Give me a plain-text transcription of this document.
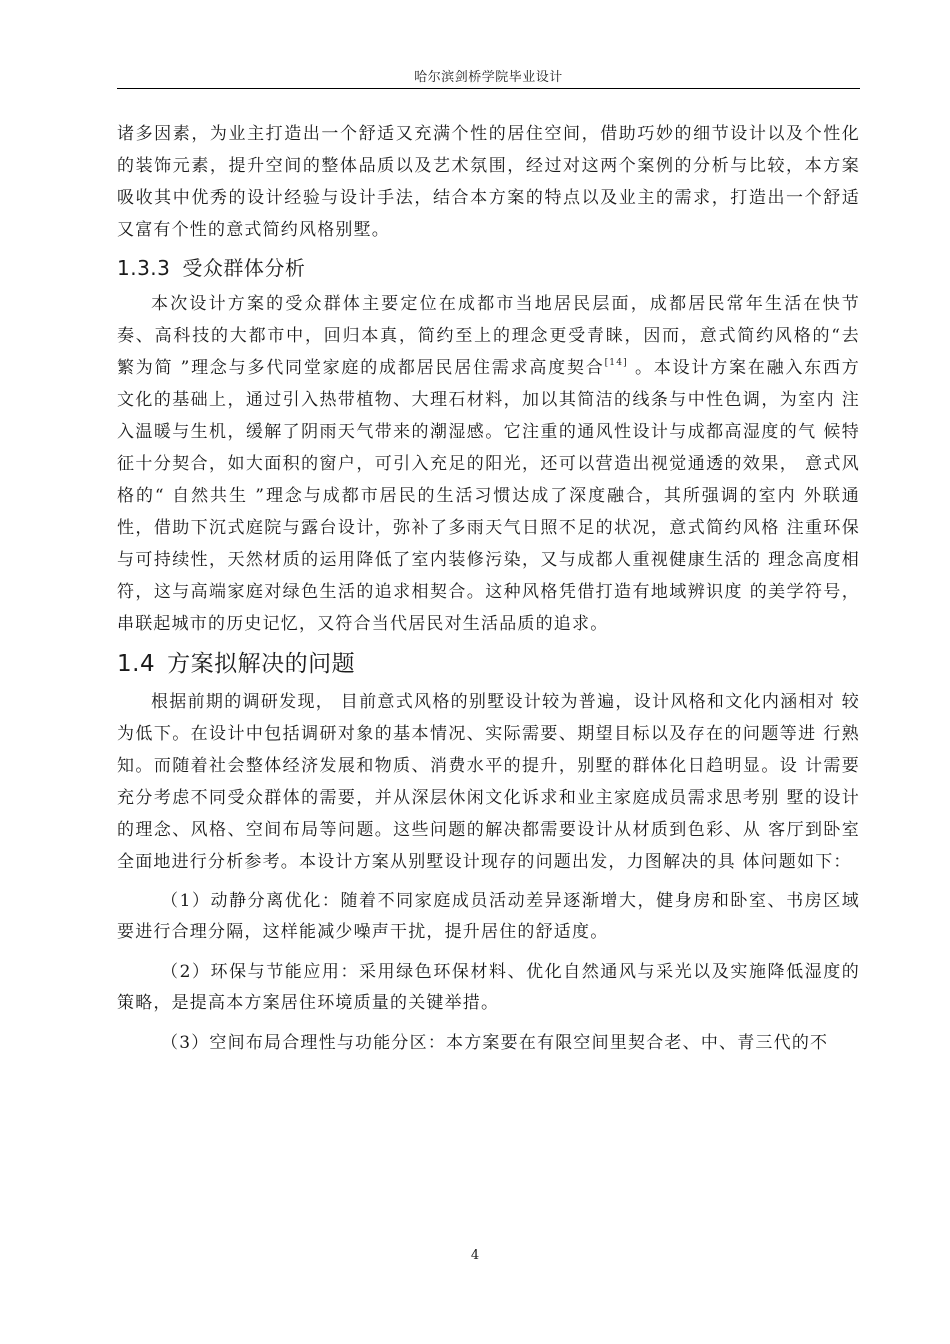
哈尔滨剑桥学院毕业设计

诸多因素，为业主打造出一个舒适又充满个性的居住空间，借助巧妙的细节设计以及个性化的装饰元素，提升空间的整体品质以及艺术氛围，经过对这两个案例的分析与比较，本方案吸收其中优秀的设计经验与设计手法，结合本方案的特点以及业主的需求，打造出一个舒适又富有个性的意式简约风格别墅。

1.3.3 受众群体分析

本次设计方案的受众群体主要定位在成都市当地居民层面，成都居民常年生活在快节奏、高科技的大都市中，回归本真，简约至上的理念更受青睐，因而，意式简约风格的“去 繁为简 ”理念与多代同堂家庭的成都居民居住需求高度契合[14] 。本设计方案在融入东西方 文化的基础上，通过引入热带植物、大理石材料，加以其简洁的线条与中性色调，为室内 注入温暖与生机，缓解了阴雨天气带来的潮湿感。它注重的通风性设计与成都高湿度的气 候特征十分契合，如大面积的窗户，可引入充足的阳光，还可以营造出视觉通透的效果， 意式风格的“ 自然共生 ”理念与成都市居民的生活习惯达成了深度融合，其所强调的室内 外联通性，借助下沉式庭院与露台设计，弥补了多雨天气日照不足的状况，意式简约风格 注重环保与可持续性，天然材质的运用降低了室内装修污染，又与成都人重视健康生活的 理念高度相符，这与高端家庭对绿色生活的追求相契合。这种风格凭借打造有地域辨识度 的美学符号，串联起城市的历史记忆，又符合当代居民对生活品质的追求。

1.4 方案拟解决的问题

根据前期的调研发现， 目前意式风格的别墅设计较为普遍，设计风格和文化内涵相对 较为低下。在设计中包括调研对象的基本情况、实际需要、期望目标以及存在的问题等进 行熟知。而随着社会整体经济发展和物质、消费水平的提升，别墅的群体化日趋明显。设 计需要充分考虑不同受众群体的需要，并从深层休闲文化诉求和业主家庭成员需求思考别 墅的设计的理念、风格、空间布局等问题。这些问题的解决都需要设计从材质到色彩、从 客厅到卧室全面地进行分析参考。本设计方案从别墅设计现存的问题出发，力图解决的具 体问题如下：

（1）动静分离优化：随着不同家庭成员活动差异逐渐增大，健身房和卧室、书房区域要进行合理分隔，这样能减少噪声干扰，提升居住的舒适度。

（2）环保与节能应用：采用绿色环保材料、优化自然通风与采光以及实施降低湿度的策略，是提高本方案居住环境质量的关键举措。

（3）空间布局合理性与功能分区：本方案要在有限空间里契合老、中、青三代的不

4
